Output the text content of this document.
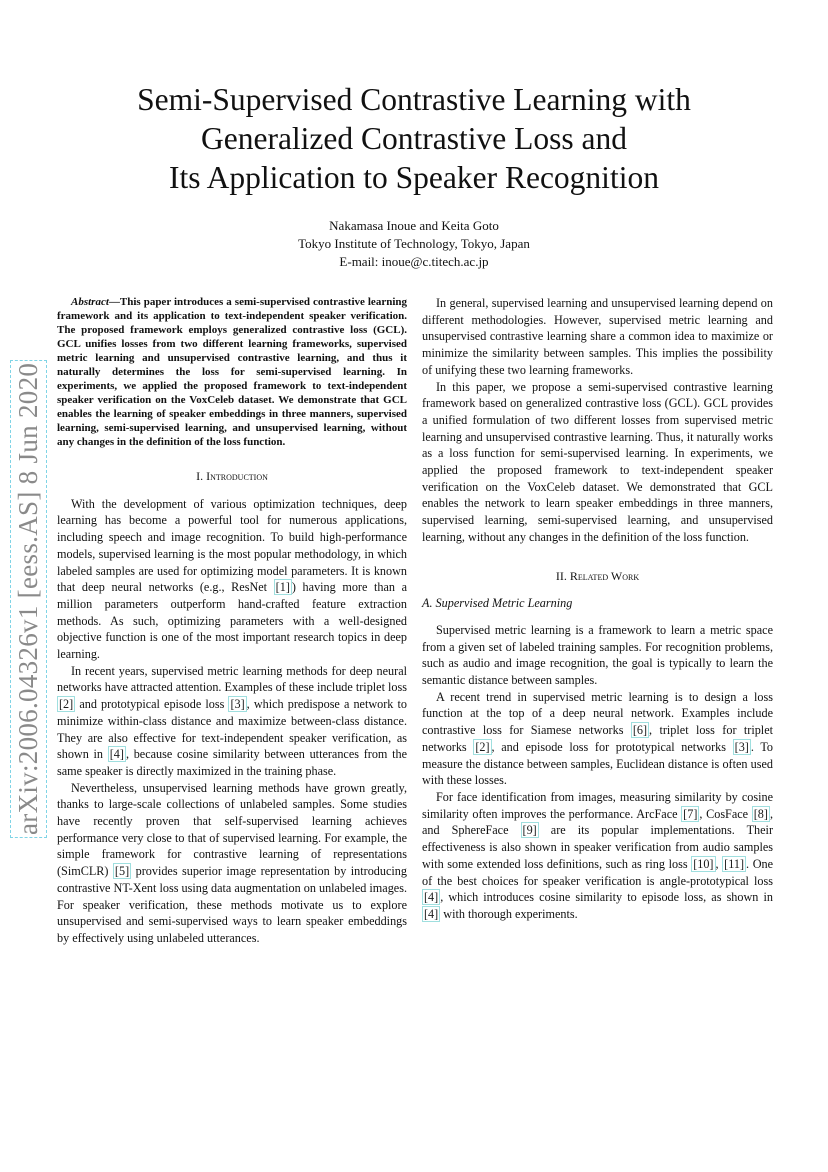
arXiv:2006.04326v1 [eess.AS] 8 Jun 2020
Semi-Supervised Contrastive Learning with
Generalized Contrastive Loss and
Its Application to Speaker Recognition
Nakamasa Inoue and Keita Goto
Tokyo Institute of Technology, Tokyo, Japan
E-mail: inoue@c.titech.ac.jp

Abstract—This paper introduces a semi-supervised contrastive learning framework and its application to text-independent speaker verification. The proposed framework employs generalized contrastive loss (GCL). GCL unifies losses from two different learning frameworks, supervised metric learning and unsupervised contrastive learning, and thus it naturally determines the loss for semi-supervised learning. In experiments, we applied the proposed framework to text-independent speaker verification on the VoxCeleb dataset. We demonstrate that GCL enables the learning of speaker embeddings in three manners, supervised learning, semi-supervised learning, and unsupervised learning, without any changes in the definition of the loss function.

I. Introduction

With the development of various optimization techniques, deep learning has become a powerful tool for numerous applications, including speech and image recognition. To build high-performance models, supervised learning is the most popular methodology, in which labeled samples are used for optimizing model parameters. It is known that deep neural networks (e.g., ResNet [1] ) having more than a million parameters outperform hand-crafted feature extraction methods. As such, optimizing parameters with a well-designed objective function is one of the most important research topics in deep learning.

In recent years, supervised metric learning methods for deep neural networks have attracted attention. Examples of these include triplet loss [2] and prototypical episode loss [3] , which predispose a network to minimize within-class distance and maximize between-class distance. They are also effective for text-independent speaker verification, as shown in [4] , because cosine similarity between utterances from the same speaker is directly maximized in the training phase.

Nevertheless, unsupervised learning methods have grown greatly, thanks to large-scale collections of unlabeled samples. Some studies have recently proven that self-supervised learning achieves performance very close to that of supervised learning. For example, the simple framework for contrastive learning of representations (SimCLR) [5] provides superior image representation by introducing contrastive NT-Xent loss using data augmentation on unlabeled images. For speaker verification, these methods motivate us to explore unsupervised and semi-supervised ways to learn speaker embeddings by effectively using unlabeled utterances.

In general, supervised learning and unsupervised learning depend on different methodologies. However, supervised metric learning and unsupervised contrastive learning share a common idea to maximize or minimize the similarity between samples. This implies the possibility of unifying these two learning frameworks.

In this paper, we propose a semi-supervised contrastive learning framework based on generalized contrastive loss (GCL). GCL provides a unified formulation of two different losses from supervised metric learning and unsupervised contrastive learning. Thus, it naturally works as a loss function for semi-supervised learning. In experiments, we applied the proposed framework to text-independent speaker verification on the VoxCeleb dataset. We demonstrated that GCL enables the network to learn speaker embeddings in three manners, supervised learning, semi-supervised learning, and unsupervised learning, without any changes in the definition of the loss function.

II. Related Work
A. Supervised Metric Learning

Supervised metric learning is a framework to learn a metric space from a given set of labeled training samples. For recognition problems, such as audio and image recognition, the goal is typically to learn the semantic distance between samples.

A recent trend in supervised metric learning is to design a loss function at the top of a deep neural network. Examples include contrastive loss for Siamese networks [6] , triplet loss for triplet networks [2] , and episode loss for prototypical networks [3] . To measure the distance between samples, Euclidean distance is often used with these losses.

For face identification from images, measuring similarity by cosine similarity often improves the performance. ArcFace [7] , CosFace [8] , and SphereFace [9] are its popular implementations. Their effectiveness is also shown in speaker verification from audio samples with some extended loss definitions, such as ring loss [10] , [11] . One of the best choices for speaker verification is angle-prototypical loss [4] , which introduces cosine similarity to episode loss, as shown in [4] with thorough experiments.
